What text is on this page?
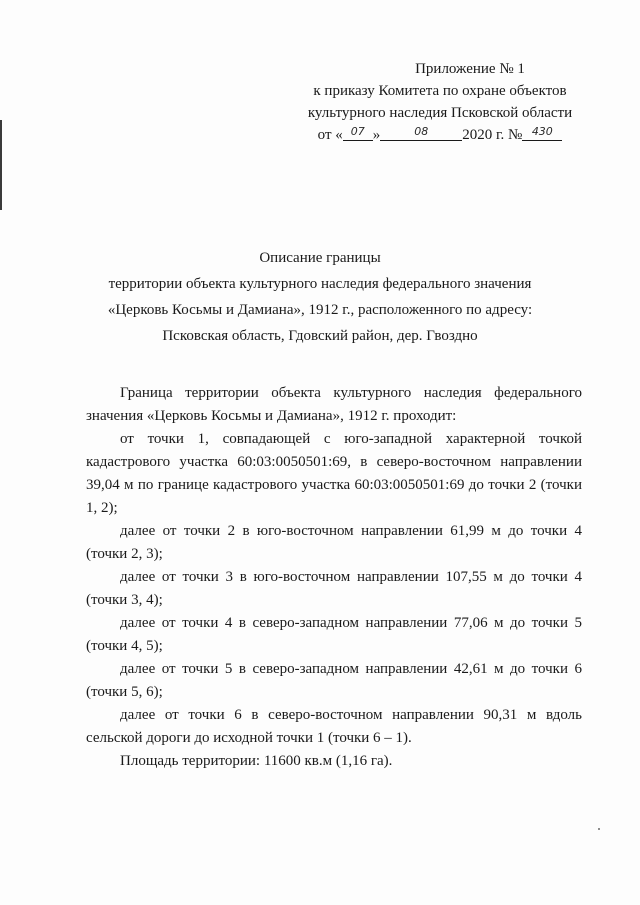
Приложение № 1
к приказу Комитета по охране объектов
культурного наследия Псковской области
от « $^{07}$ »	$^{08}$ 2020 г. № $^{430}$
Описание границы
территории объекта культурного наследия федерального значения
«Церковь Косьмы и Дамиана», 1912 г., расположенного по адресу:
Псковская область, Гдовский район, дер. Гвоздно

Граница территории объекта культурного наследия федерального значения «Церковь Косьмы и Дамиана», 1912 г. проходит:

от точки 1, совпадающей с юго-западной характерной точкой кадастрового участка 60:03:0050501:69, в северо-восточном направлении 39,04 м по границе кадастрового участка 60:03:0050501:69 до точки 2 (точки 1, 2);

далее от точки 2 в юго-восточном направлении 61,99 м до точки 4 (точки 2, 3);

далее от точки 3 в юго-восточном направлении 107,55 м до точки 4 (точки 3, 4);

далее от точки 4 в северо-западном направлении 77,06 м до точки 5 (точки 4, 5);

далее от точки 5 в северо-западном направлении 42,61 м до точки 6 (точки 5, 6);

далее от точки 6 в северо-восточном направлении 90,31 м вдоль сельской дороги до исходной точки 1 (точки 6 – 1).

Площадь территории: 11600 кв.м (1,16 га).
